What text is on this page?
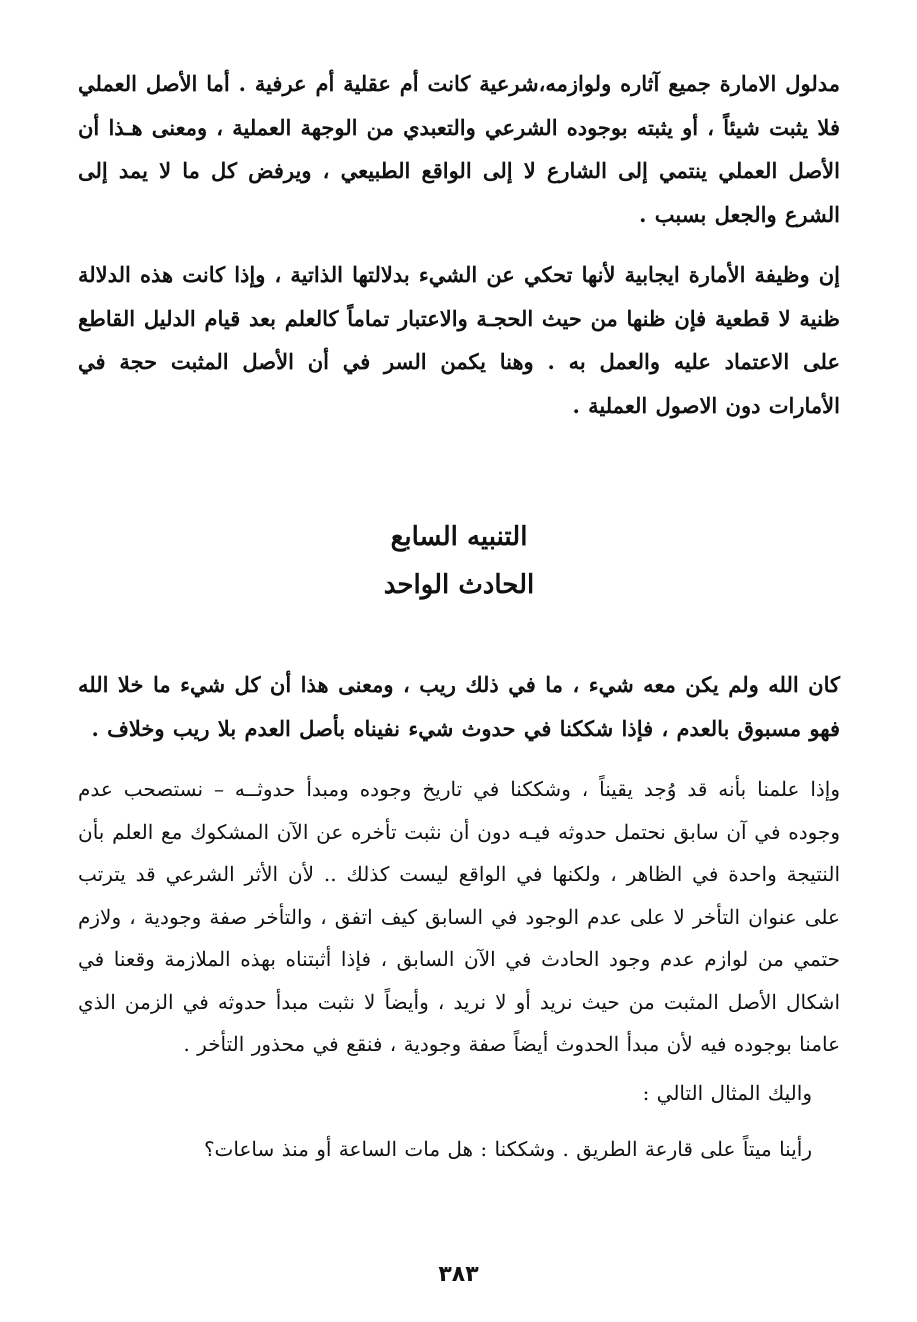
مدلول الامارة جميع آثاره ولوازمه،شرعية كانت أم عقلية أم عرفية . أما الأصل العملي فلا يثبت شيئاً ، أو يثبته بوجوده الشرعي والتعبدي من الوجهة العملية ، ومعنى هـذا أن الأصل العملي ينتمي إلى الشارع لا إلى الواقع الطبيعي ، ويرفض كل ما لا يمد إلى الشرع والجعل بسبب .

إن وظيفة الأمارة ايجابية لأنها تحكي عن الشيء بدلالتها الذاتية ، وإذا كانت هذه الدلالة ظنية لا قطعية فإن ظنها من حيث الحجـة والاعتبار تماماً كالعلم بعد قيام الدليل القاطع على الاعتماد عليه والعمل به . وهنا يكمن السر في أن الأصل المثبت حجة في الأمارات دون الاصول العملية .

التنبيه السابع
الحادث الواحد

كان الله ولم يكن معه شيء ، ما في ذلك ريب ، ومعنى هذا أن كل شيء ما خلا الله فهو مسبوق بالعدم ، فإذا شككنا في حدوث شيء نفيناه بأصل العدم بلا ريب وخلاف .

وإذا علمنا بأنه قد وُجد يقيناً ، وشككنا في تاريخ وجوده ومبدأ حدوثــه – نستصحب عدم وجوده في آن سابق نحتمل حدوثه فيـه دون أن نثبت تأخره عن الآن المشكوك مع العلم بأن النتيجة واحدة في الظاهر ، ولكنها في الواقع ليست كذلك .. لأن الأثر الشرعي قد يترتب على عنوان التأخر لا على عدم الوجود في السابق كيف اتفق ، والتأخر صفة وجودية ، ولازم حتمي من لوازم عدم وجود الحادث في الآن السابق ، فإذا أثبتناه بهذه الملازمة وقعنا في اشكال الأصل المثبت من حيث نريد أو لا نريد ، وأيضاً لا نثبت مبدأ حدوثه في الزمن الذي عامنا بوجوده فيه لأن مبدأ الحدوث أيضاً صفة وجودية ، فنقع في محذور التأخر .

واليك المثال التالي :

رأينا ميتاً على قارعة الطريق . وشككنا : هل مات الساعة أو منذ ساعات؟

٣٨٣
